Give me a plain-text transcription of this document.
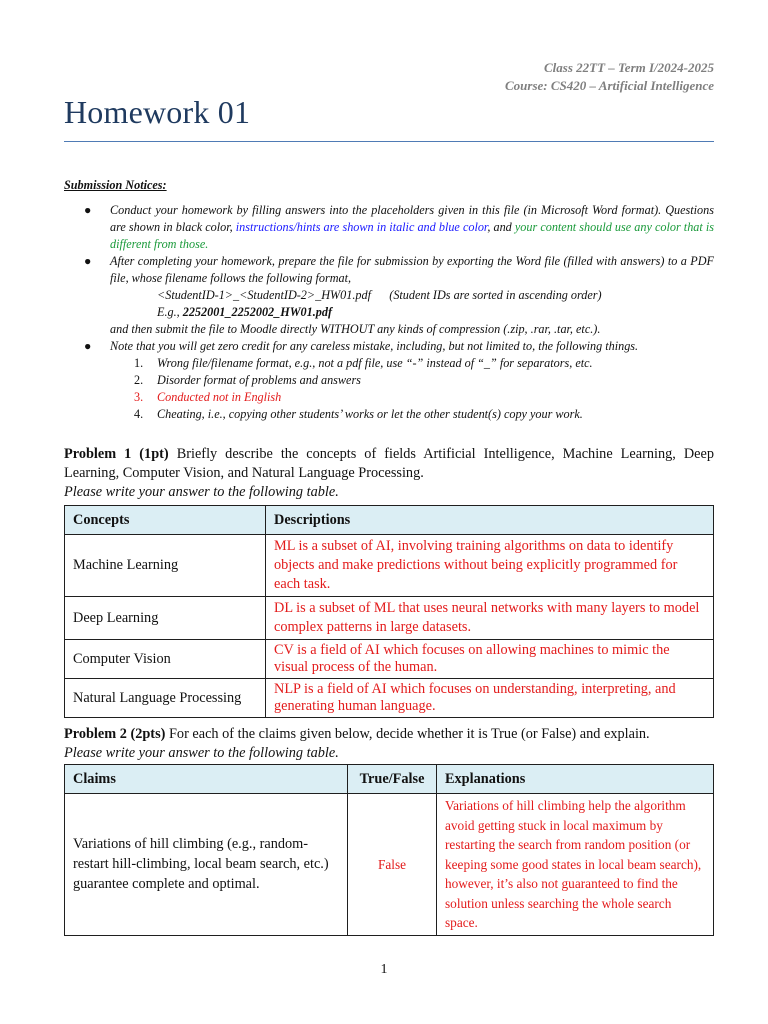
Class 22TT – Term I/2024-2025
Course: CS420 – Artificial Intelligence
Homework 01
Submission Notices:
● Conduct your homework by filling answers into the placeholders given in this file (in Microsoft Word format). Questions are shown in black color, instructions/hints are shown in italic and blue color, and your content should use any color that is different from those.
● After completing your homework, prepare the file for submission by exporting the Word file (filled with answers) to a PDF file, whose filename follows the following format,
<StudentID-1>_<StudentID-2>_HW01.pdf      (Student IDs are sorted in ascending order)
E.g., 2252001_2252002_HW01.pdf
and then submit the file to Moodle directly WITHOUT any kinds of compression (.zip, .rar, .tar, etc.).
● Note that you will get zero credit for any careless mistake, including, but not limited to, the following things.
1. Wrong file/filename format, e.g., not a pdf file, use “-” instead of “_” for separators, etc.
2. Disorder format of problems and answers
3. Conducted not in English
4. Cheating, i.e., copying other students’ works or let the other student(s) copy your work.
Problem 1 (1pt) Briefly describe the concepts of fields Artificial Intelligence, Machine Learning, Deep Learning, Computer Vision, and Natural Language Processing.
Please write your answer to the following table.
Concepts	Descriptions
Machine Learning	ML is a subset of AI, involving training algorithms on data to identify objects and make predictions without being explicitly programmed for each task.
Deep Learning	DL is a subset of ML that uses neural networks with many layers to model complex patterns in large datasets.
Computer Vision	CV is a field of AI which focuses on allowing machines to mimic the visual process of the human.
Natural Language Processing	NLP is a field of AI which focuses on understanding, interpreting, and generating human language.
Problem 2 (2pts) For each of the claims given below, decide whether it is True (or False) and explain.
Please write your answer to the following table.
Claims	True/False	Explanations
Variations of hill climbing (e.g., random-restart hill-climbing, local beam search, etc.) guarantee complete and optimal.	False	Variations of hill climbing help the algorithm avoid getting stuck in local maximum by restarting the search from random position (or keeping some good states in local beam search), however, it’s also not guaranteed to find the solution unless searching the whole search space.
1
